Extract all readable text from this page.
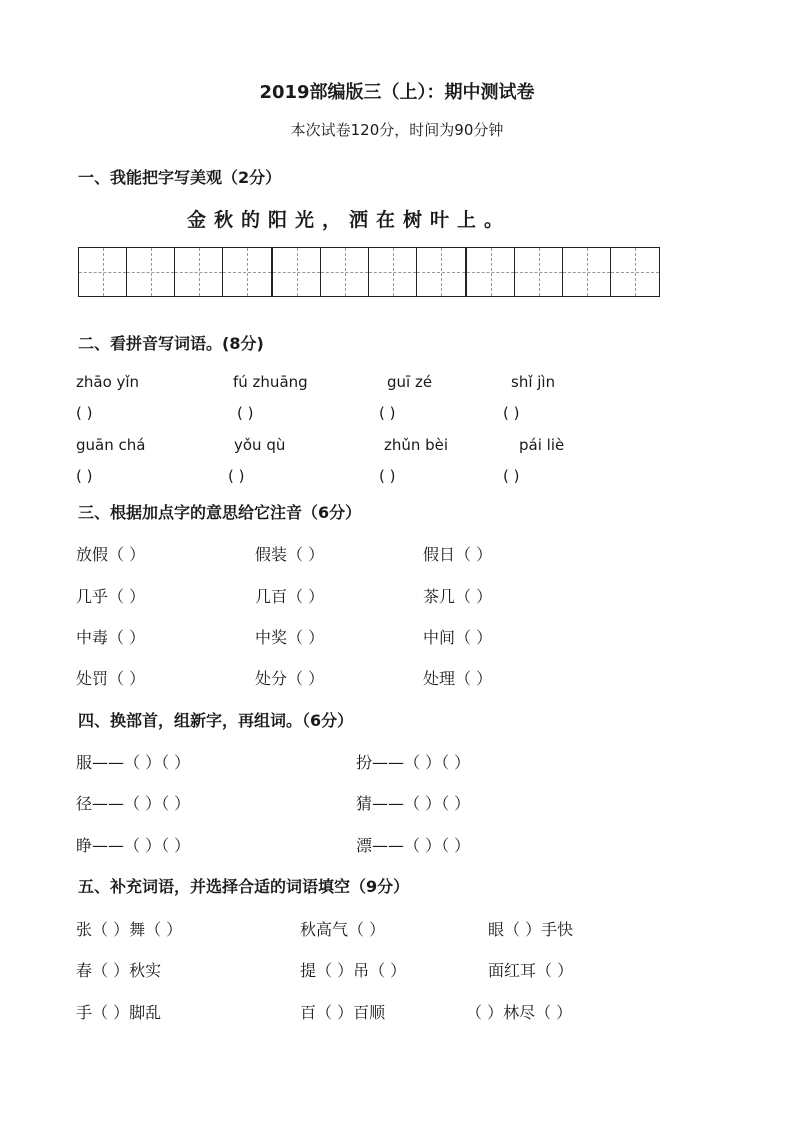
2019部编版三（上）：期中测试卷
本次试卷120分，时间为90分钟
一、我能把字写美观（2分）
金 秋 的 阳 光 ， 洒 在 树 叶 上 。
二、看拼音写词语。(8分)
zhāo yǐn	fú zhuāng	guī zé	shǐ jìn
( )	( )	( )	( )
guān chá	yǒu qù	zhǔn bèi	pái liè
( )	( )	( )	( )
三、根据加点字的意思给它注音（6分）
放假（ ）	假装（ ）	假日（ ）
几乎（ ）	几百（ ）	茶几（ ）
中毒（ ）	中奖（ ）	中间（ ）
处罚（ ）	处分（ ）	处理（ ）
四、换部首，组新字，再组词。（6分）
服——（ ）（ ）	扮——（ ）（ ）
径——（ ）（ ）	猜——（ ）（ ）
睁——（ ）（ ）	漂——（ ）（ ）
五、补充词语，并选择合适的词语填空（9分）
张（ ）舞（ ）	秋高气（ ）	眼（ ）手快
春（ ）秋实	提（ ）吊（ ）	面红耳（ ）
手（ ）脚乱	百（ ）百顺	（ ）林尽（ ）
